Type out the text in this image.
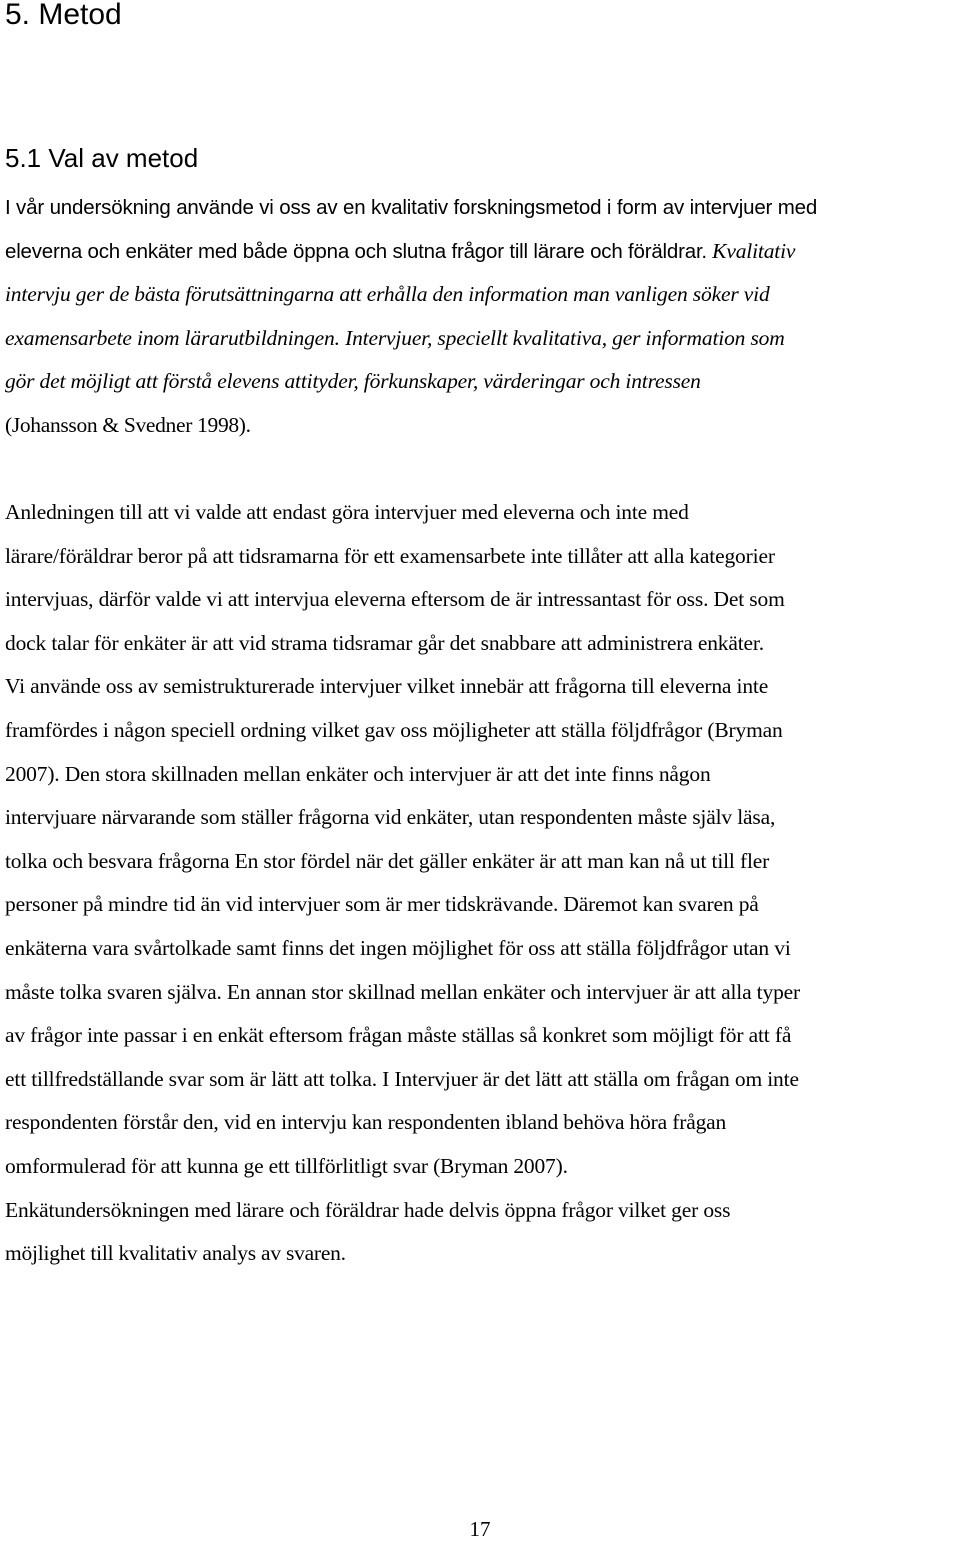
5. Metod
5.1 Val av metod

I vår undersökning använde vi oss av en kvalitativ forskningsmetod i form av intervjuer med
eleverna och enkäter med både öppna och slutna frågor till lärare och föräldrar. Kvalitativ
intervju ger de bästa förutsättningarna att erhålla den information man vanligen söker vid
examensarbete inom lärarutbildningen. Intervjuer, speciellt kvalitativa, ger information som
gör det möjligt att förstå elevens attityder, förkunskaper, värderingar och intressen
(Johansson & Svedner 1998).

Anledningen till att vi valde att endast göra intervjuer med eleverna och inte med
lärare/föräldrar beror på att tidsramarna för ett examensarbete inte tillåter att alla kategorier
intervjuas, därför valde vi att intervjua eleverna eftersom de är intressantast för oss. Det som
dock talar för enkäter är att vid strama tidsramar går det snabbare att administrera enkäter.
Vi använde oss av semistrukturerade intervjuer vilket innebär att frågorna till eleverna inte
framfördes i någon speciell ordning vilket gav oss möjligheter att ställa följdfrågor (Bryman
2007). Den stora skillnaden mellan enkäter och intervjuer är att det inte finns någon
intervjuare närvarande som ställer frågorna vid enkäter, utan respondenten måste själv läsa,
tolka och besvara frågorna En stor fördel när det gäller enkäter är att man kan nå ut till fler
personer på mindre tid än vid intervjuer som är mer tidskrävande. Däremot kan svaren på
enkäterna vara svårtolkade samt finns det ingen möjlighet för oss att ställa följdfrågor utan vi
måste tolka svaren själva. En annan stor skillnad mellan enkäter och intervjuer är att alla typer
av frågor inte passar i en enkät eftersom frågan måste ställas så konkret som möjligt för att få
ett tillfredställande svar som är lätt att tolka. I Intervjuer är det lätt att ställa om frågan om inte
respondenten förstår den, vid en intervju kan respondenten ibland behöva höra frågan
omformulerad för att kunna ge ett tillförlitligt svar (Bryman 2007).
Enkätundersökningen med lärare och föräldrar hade delvis öppna frågor vilket ger oss
möjlighet till kvalitativ analys av svaren.

17
